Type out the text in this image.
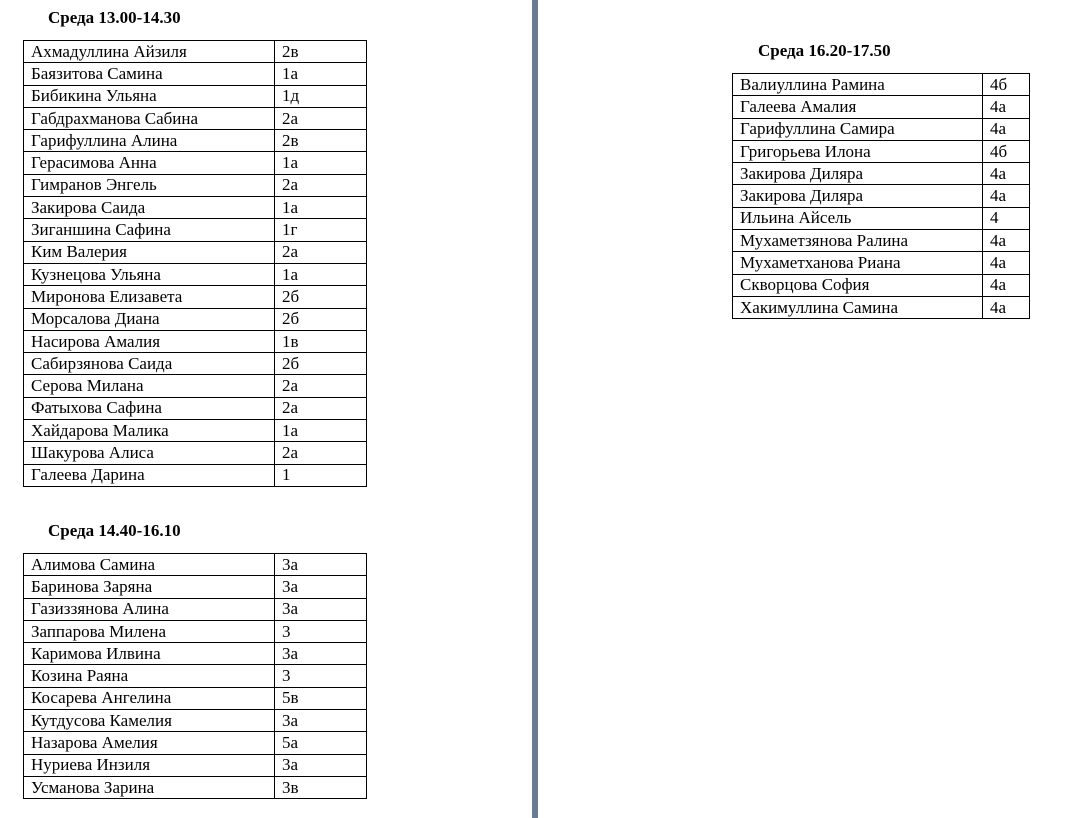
Среда 13.00-14.30
Ахмадуллина Айзиля	2в
Баязитова Самина	1а
Бибикина Ульяна	1д
Габдрахманова Сабина	2а
Гарифуллина Алина	2в
Герасимова Анна	1а
Гимранов Энгель	2а
Закирова Саида	1а
Зиганшина Сафина	1г
Ким Валерия	2а
Кузнецова Ульяна	1а
Миронова Елизавета	2б
Морсалова Диана	2б
Насирова Амалия	1в
Сабирзянова Саида	2б
Серова Милана	2а
Фатыхова Сафина	2а
Хайдарова Малика	1а
Шакурова Алиса	2а
Галеева Дарина	1
Среда 14.40-16.10
Алимова Самина	3а
Баринова Заряна	3а
Газиззянова Алина	3а
Заппарова Милена	3
Каримова Илвина	3а
Козина Раяна	3
Косарева Ангелина	5в
Кутдусова Камелия	3а
Назарова Амелия	5а
Нуриева Инзиля	3а
Усманова Зарина	3в
Среда 16.20-17.50
Валиуллина Рамина	4б
Галеева Амалия	4а
Гарифуллина Самира	4а
Григорьева Илона	4б
Закирова Диляра	4а
Закирова Диляра	4а
Ильина Айсель	4
Мухаметзянова Ралина	4а
Мухаметханова Риана	4а
Скворцова София	4а
Хакимуллина Самина	4а
